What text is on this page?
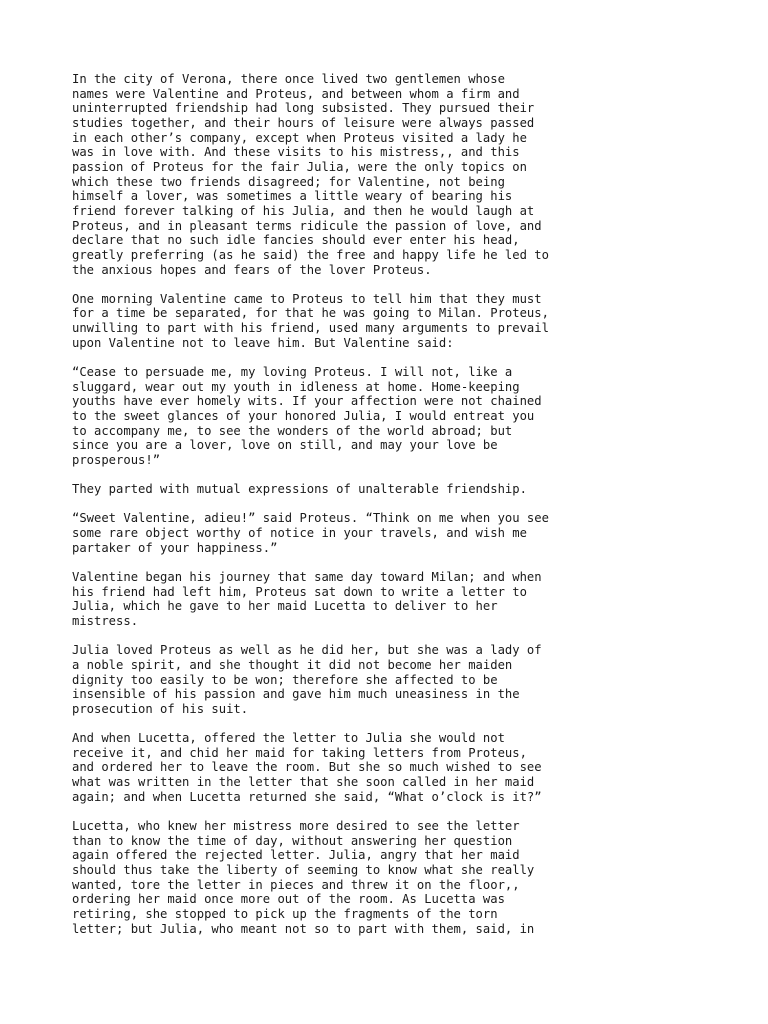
In the city of Verona, there once lived two gentlemen whose
names were Valentine and Proteus, and between whom a firm and
uninterrupted friendship had long subsisted. They pursued their
studies together, and their hours of leisure were always passed
in each other’s company, except when Proteus visited a lady he
was in love with. And these visits to his mistress,, and this
passion of Proteus for the fair Julia, were the only topics on
which these two friends disagreed; for Valentine, not being
himself a lover, was sometimes a little weary of bearing his
friend forever talking of his Julia, and then he would laugh at
Proteus, and in pleasant terms ridicule the passion of love, and
declare that no such idle fancies should ever enter his head,
greatly preferring (as he said) the free and happy life he led to
the anxious hopes and fears of the lover Proteus.

One morning Valentine came to Proteus to tell him that they must
for a time be separated, for that he was going to Milan. Proteus,
unwilling to part with his friend, used many arguments to prevail
upon Valentine not to leave him. But Valentine said:

“Cease to persuade me, my loving Proteus. I will not, like a
sluggard, wear out my youth in idleness at home. Home-keeping
youths have ever homely wits. If your affection were not chained
to the sweet glances of your honored Julia, I would entreat you
to accompany me, to see the wonders of the world abroad; but
since you are a lover, love on still, and may your love be
prosperous!”

They parted with mutual expressions of unalterable friendship.

“Sweet Valentine, adieu!” said Proteus. “Think on me when you see
some rare object worthy of notice in your travels, and wish me
partaker of your happiness.”

Valentine began his journey that same day toward Milan; and when
his friend had left him, Proteus sat down to write a letter to
Julia, which he gave to her maid Lucetta to deliver to her
mistress.

Julia loved Proteus as well as he did her, but she was a lady of
a noble spirit, and she thought it did not become her maiden
dignity too easily to be won; therefore she affected to be
insensible of his passion and gave him much uneasiness in the
prosecution of his suit.

And when Lucetta, offered the letter to Julia she would not
receive it, and chid her maid for taking letters from Proteus,
and ordered her to leave the room. But she so much wished to see
what was written in the letter that she soon called in her maid
again; and when Lucetta returned she said, “What o’clock is it?”

Lucetta, who knew her mistress more desired to see the letter
than to know the time of day, without answering her question
again offered the rejected letter. Julia, angry that her maid
should thus take the liberty of seeming to know what she really
wanted, tore the letter in pieces and threw it on the floor,,
ordering her maid once more out of the room. As Lucetta was
retiring, she stopped to pick up the fragments of the torn
letter; but Julia, who meant not so to part with them, said, in
